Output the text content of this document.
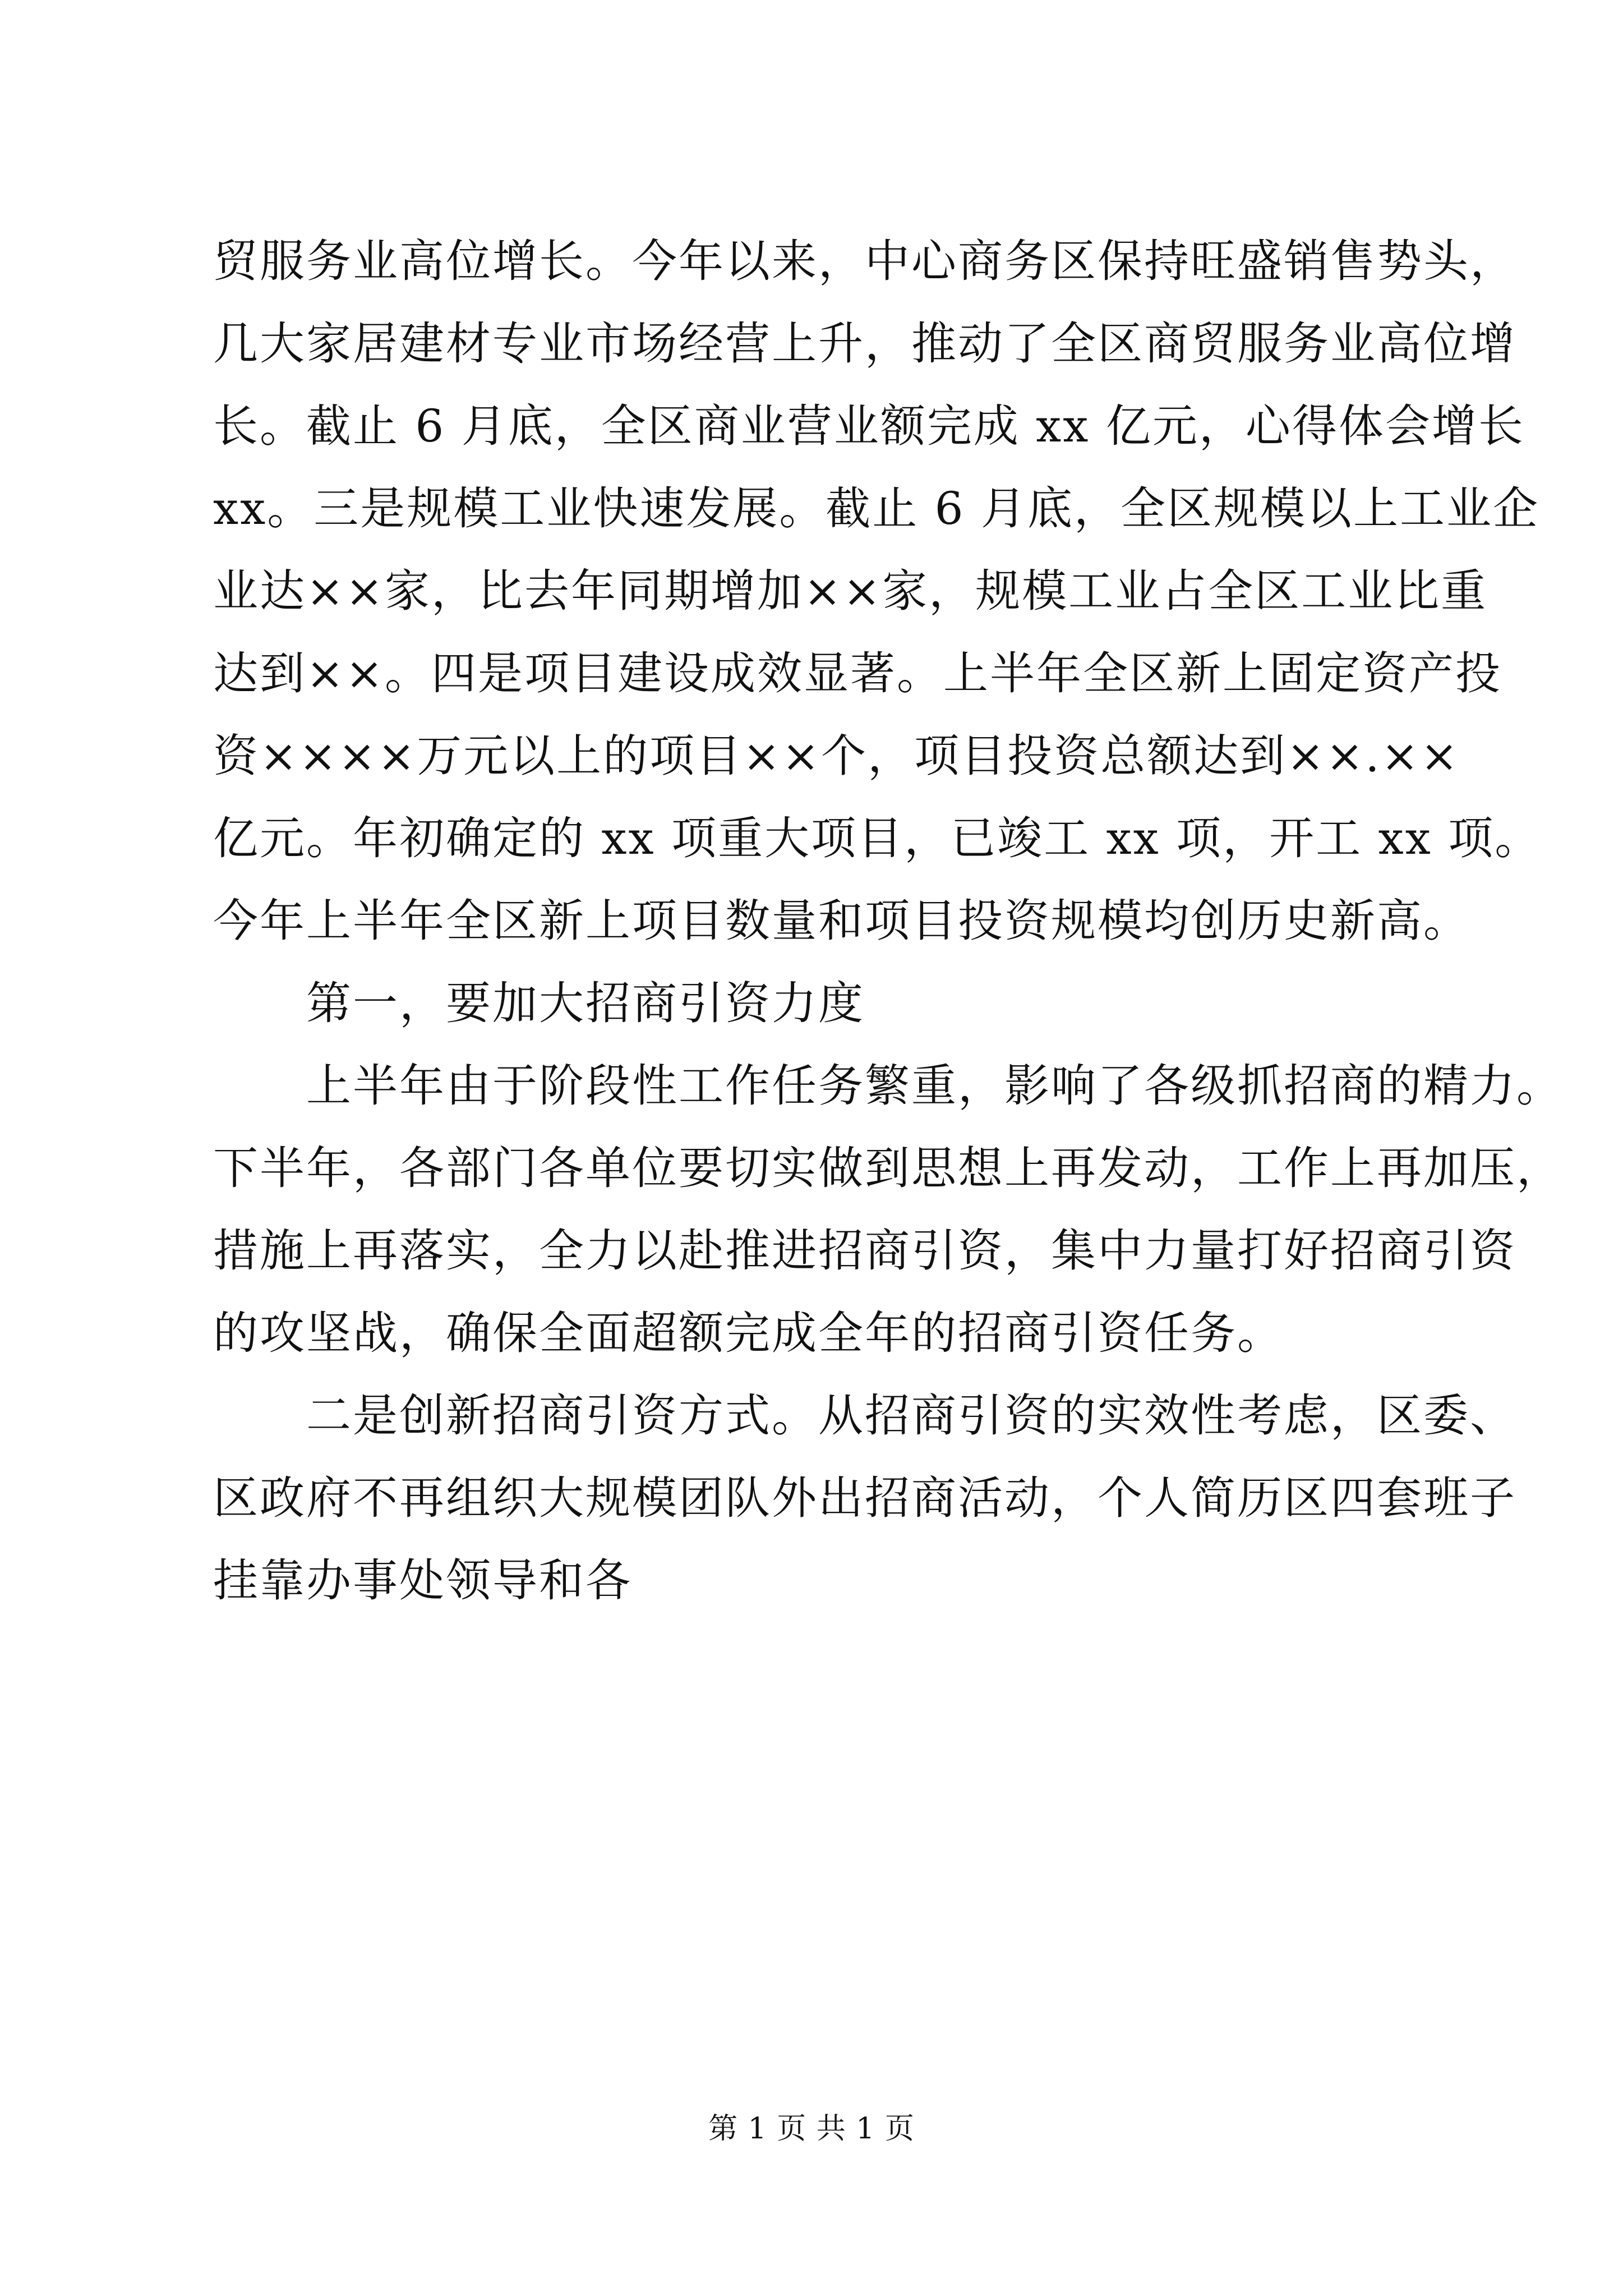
贸服务业高位增长。今年以来，中心商务区保持旺盛销售势头，
几大家居建材专业市场经营上升，推动了全区商贸服务业高位增
长。截止 6 月底，全区商业营业额完成 xx 亿元，心得体会增长
xx。三是规模工业快速发展。截止 6 月底，全区规模以上工业企
业达××家，比去年同期增加××家，规模工业占全区工业比重
达到××。四是项目建设成效显著。上半年全区新上固定资产投
资××××万元以上的项目××个，项目投资总额达到××.××
亿元。年初确定的 xx 项重大项目，已竣工 xx 项，开工 xx 项。
今年上半年全区新上项目数量和项目投资规模均创历史新高。
　　第一，要加大招商引资力度
　　上半年由于阶段性工作任务繁重，影响了各级抓招商的精力。
下半年，各部门各单位要切实做到思想上再发动，工作上再加压，
措施上再落实，全力以赴推进招商引资，集中力量打好招商引资
的攻坚战，确保全面超额完成全年的招商引资任务。
　　二是创新招商引资方式。从招商引资的实效性考虑，区委、
区政府不再组织大规模团队外出招商活动，个人简历区四套班子
挂靠办事处领导和各
第 1 页 共 1 页
